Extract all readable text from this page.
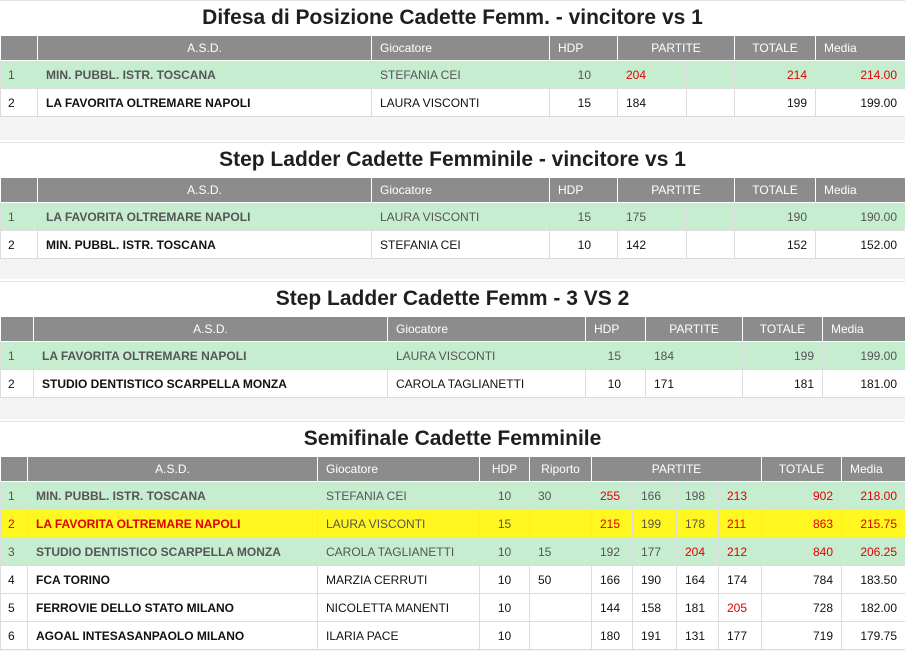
Difesa di Posizione Cadette Femm. - vincitore vs 1
	A.S.D.	Giocatore	HDP	PARTITE		TOTALE	Media
1	MIN. PUBBL. ISTR. TOSCANA	STEFANIA CEI	10	204		214	214.00
2	LA FAVORITA OLTREMARE NAPOLI	LAURA VISCONTI	15	184		199	199.00
Step Ladder Cadette Femminile - vincitore vs 1
	A.S.D.	Giocatore	HDP	PARTITE		TOTALE	Media
1	LA FAVORITA OLTREMARE NAPOLI	LAURA VISCONTI	15	175		190	190.00
2	MIN. PUBBL. ISTR. TOSCANA	STEFANIA CEI	10	142		152	152.00
Step Ladder Cadette Femm - 3 VS 2
	A.S.D.	Giocatore	HDP	PARTITE	TOTALE	Media
1	LA FAVORITA OLTREMARE NAPOLI	LAURA VISCONTI	15	184	199	199.00
2	STUDIO DENTISTICO SCARPELLA MONZA	CAROLA TAGLIANETTI	10	171	181	181.00
Semifinale Cadette Femminile
	A.S.D.	Giocatore	HDP	Riporto	PARTITE				TOTALE	Media
1	MIN. PUBBL. ISTR. TOSCANA	STEFANIA CEI	10	30	255	166	198	213	902	218.00
2	LA FAVORITA OLTREMARE NAPOLI	LAURA VISCONTI	15		215	199	178	211	863	215.75
3	STUDIO DENTISTICO SCARPELLA MONZA	CAROLA TAGLIANETTI	10	15	192	177	204	212	840	206.25
4	FCA TORINO	MARZIA CERRUTI	10	50	166	190	164	174	784	183.50
5	FERROVIE DELLO STATO MILANO	NICOLETTA MANENTI	10		144	158	181	205	728	182.00
6	AGOAL INTESASANPAOLO MILANO	ILARIA PACE	10		180	191	131	177	719	179.75
